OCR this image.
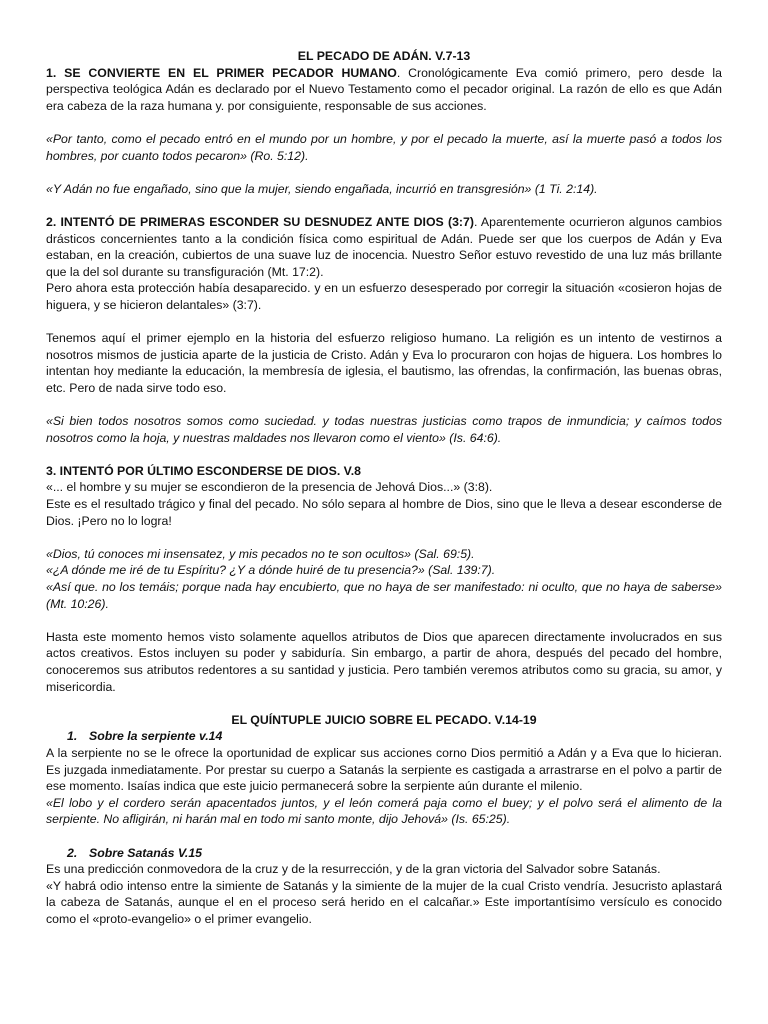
EL PECADO DE ADÁN. V.7-13

1. SE CONVIERTE EN EL PRIMER PECADOR HUMANO. Cronológicamente Eva comió primero, pero desde la perspectiva teológica Adán es declarado por el Nuevo Testamento como el pecador original. La razón de ello es que Adán era cabeza de la raza humana y. por consiguiente, responsable de sus acciones.

«Por tanto, como el pecado entró en el mundo por un hombre, y por el pecado la muerte, así la muerte pasó a todos los hombres, por cuanto todos pecaron» (Ro. 5:12).

«Y Adán no fue engañado, sino que la mujer, siendo engañada, incurrió en transgresión» (1 Ti. 2:14).

2. INTENTÓ DE PRIMERAS ESCONDER SU DESNUDEZ ANTE DIOS (3:7). Aparentemente ocurrieron algunos cambios drásticos concernientes tanto a la condición física como espiritual de Adán. Puede ser que los cuerpos de Adán y Eva estaban, en la creación, cubiertos de una suave luz de inocencia. Nuestro Señor estuvo revestido de una luz más brillante que la del sol durante su transfiguración (Mt. 17:2).

Pero ahora esta protección había desaparecido. y en un esfuerzo desesperado por corregir la situación «cosieron hojas de higuera, y se hicieron delantales» (3:7).

Tenemos aquí el primer ejemplo en la historia del esfuerzo religioso humano. La religión es un intento de vestirnos a nosotros mismos de justicia aparte de la justicia de Cristo. Adán y Eva lo procuraron con hojas de higuera. Los hombres lo intentan hoy mediante la educación, la membresía de iglesia, el bautismo, las ofrendas, la confirmación, las buenas obras, etc. Pero de nada sirve todo eso.

«Si bien todos nosotros somos como suciedad. y todas nuestras justicias como trapos de inmundicia; y caímos todos nosotros como la hoja, y nuestras maldades nos llevaron como el viento» (Is. 64:6).

3. INTENTÓ POR ÚLTIMO ESCONDERSE DE DIOS. V.8

«... el hombre y su mujer se escondieron de la presencia de Jehová Dios...» (3:8).

Este es el resultado trágico y final del pecado. No sólo separa al hombre de Dios, sino que le lleva a desear esconderse de Dios. ¡Pero no lo logra!

«Dios, tú conoces mi insensatez, y mis pecados no te son ocultos» (Sal. 69:5).

«¿A dónde me iré de tu Espíritu? ¿Y a dónde huiré de tu presencia?» (Sal. 139:7).

«Así que. no los temáis; porque nada hay encubierto, que no haya de ser manifestado: ni oculto, que no haya de saberse» (Mt. 10:26).

Hasta este momento hemos visto solamente aquellos atributos de Dios que aparecen directamente involucrados en sus actos creativos. Estos incluyen su poder y sabiduría. Sin embargo, a partir de ahora, después del pecado del hombre, conoceremos sus atributos redentores a su santidad y justicia. Pero también veremos atributos como su gracia, su amor, y misericordia.

EL QUÍNTUPLE JUICIO SOBRE EL PECADO. V.14-19

1. Sobre la serpiente v.14

A la serpiente no se le ofrece la oportunidad de explicar sus acciones corno Dios permitió a Adán y a Eva que lo hicieran. Es juzgada inmediatamente. Por prestar su cuerpo a Satanás la serpiente es castigada a arrastrarse en el polvo a partir de ese momento. Isaías indica que este juicio permanecerá sobre la serpiente aún durante el milenio.

«El lobo y el cordero serán apacentados juntos, y el león comerá paja como el buey; y el polvo será el alimento de la serpiente. No afligirán, ni harán mal en todo mi santo monte, dijo Jehová» (Is. 65:25).

2. Sobre Satanás V.15

Es una predicción conmovedora de la cruz y de la resurrección, y de la gran victoria del Salvador sobre Satanás.

«Y habrá odio intenso entre la simiente de Satanás y la simiente de la mujer de la cual Cristo vendría. Jesucristo aplastará la cabeza de Satanás, aunque el en el proceso será herido en el calcañar.» Este importantísimo versículo es conocido como el «proto-evangelio» o el primer evangelio.
